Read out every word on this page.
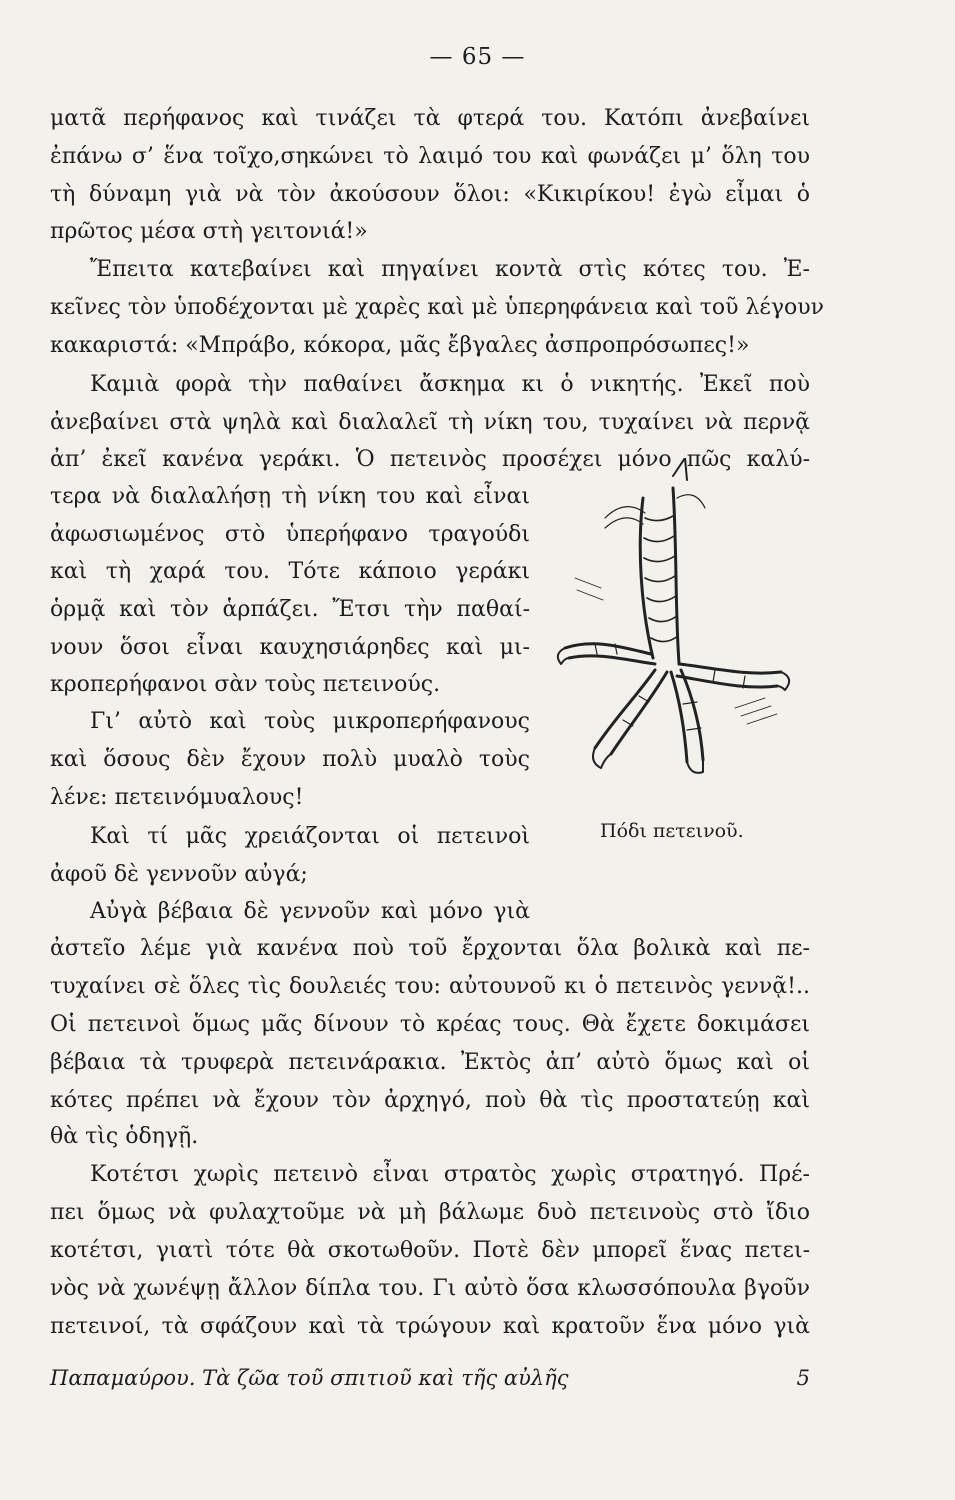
— 65 —
ματᾶ περήφανος καὶ τινάζει τὰ φτερά του. Κατόπι ἀνεβαίνει
ἐπάνω σ’ ἕνα τοῖχο,σηκώνει τὸ λαιμό του καὶ φωνάζει μ’ ὅλη του
τὴ δύναμη γιὰ νὰ τὸν ἀκούσουν ὅλοι: «Κικιρίκου! ἐγὼ εἶμαι ὁ
πρῶτος μέσα στὴ γειτονιά!»
Ἔπειτα κατεβαίνει καὶ πηγαίνει κοντὰ στὶς κότες του. Ἐ-
κεῖνες τὸν ὑποδέχονται μὲ χαρὲς καὶ μὲ ὑπερηφάνεια καὶ τοῦ λέγουν
κακαριστά: «Μπράβο, κόκορα, μᾶς ἔβγαλες ἀσπροπρόσωπες!»
Καμιὰ φορὰ τὴν παθαίνει ἄσκημα κι ὁ νικητής. Ἐκεῖ ποὺ
ἀνεβαίνει στὰ ψηλὰ καὶ διαλαλεῖ τὴ νίκη του, τυχαίνει νὰ περνᾷ
ἀπ’ ἐκεῖ κανένα γεράκι. Ὁ πετεινὸς προσέχει μόνο πῶς καλύ-
τερα νὰ διαλαλήσῃ τὴ νίκη του καὶ εἶναι
ἀφωσιωμένος στὸ ὑπερήφανο τραγούδι
καὶ τὴ χαρά του. Τότε κάποιο γεράκι
ὁρμᾷ καὶ τὸν ἁρπάζει. Ἔτσι τὴν παθαί-
νουν ὅσοι εἶναι καυχησιάρηδες καὶ μι-
κροπερήφανοι σὰν τοὺς πετεινούς.
Γι’ αὐτὸ καὶ τοὺς μικροπερήφανους
καὶ ὅσους δὲν ἔχουν πολὺ μυαλὸ τοὺς
λένε: πετεινόμυαλους!
Καὶ τί μᾶς χρειάζονται οἱ πετεινοὶ
ἀφοῦ δὲ γεννοῦν αὐγά;
Αὐγὰ βέβαια δὲ γεννοῦν καὶ μόνο γιὰ
ἀστεῖο λέμε γιὰ κανένα ποὺ τοῦ ἔρχονται ὅλα βολικὰ καὶ πε-
τυχαίνει σὲ ὅλες τὶς δουλειές του: αὐτουνοῦ κι ὁ πετεινὸς γεννᾷ!..
Οἱ πετεινοὶ ὅμως μᾶς δίνουν τὸ κρέας τους. Θὰ ἔχετε δοκιμάσει
βέβαια τὰ τρυφερὰ πετεινάρακια. Ἐκτὸς ἀπ’ αὐτὸ ὅμως καὶ οἱ
κότες πρέπει νὰ ἔχουν τὸν ἀρχηγό, ποὺ θὰ τὶς προστατεύῃ καὶ
θὰ τὶς ὁδηγῇ.
Κοτέτσι χωρὶς πετεινὸ εἶναι στρατὸς χωρὶς στρατηγό. Πρέ-
πει ὅμως νὰ φυλαχτοῦμε νὰ μὴ βάλωμε δυὸ πετεινοὺς στὸ ἴδιο
κοτέτσι, γιατὶ τότε θὰ σκοτωθοῦν. Ποτὲ δὲν μπορεῖ ἕνας πετει-
νὸς νὰ χωνέψῃ ἄλλον δίπλα του. Γι αὐτὸ ὅσα κλωσσόπουλα βγοῦν
πετεινοί, τὰ σφάζουν καὶ τὰ τρώγουν καὶ κρατοῦν ἕνα μόνο γιὰ
Πόδι πετεινοῦ.
Παπαμαύρου. Τὰ ζῶα τοῦ σπιτιοῦ καὶ τῆς αὐλῆς	5
